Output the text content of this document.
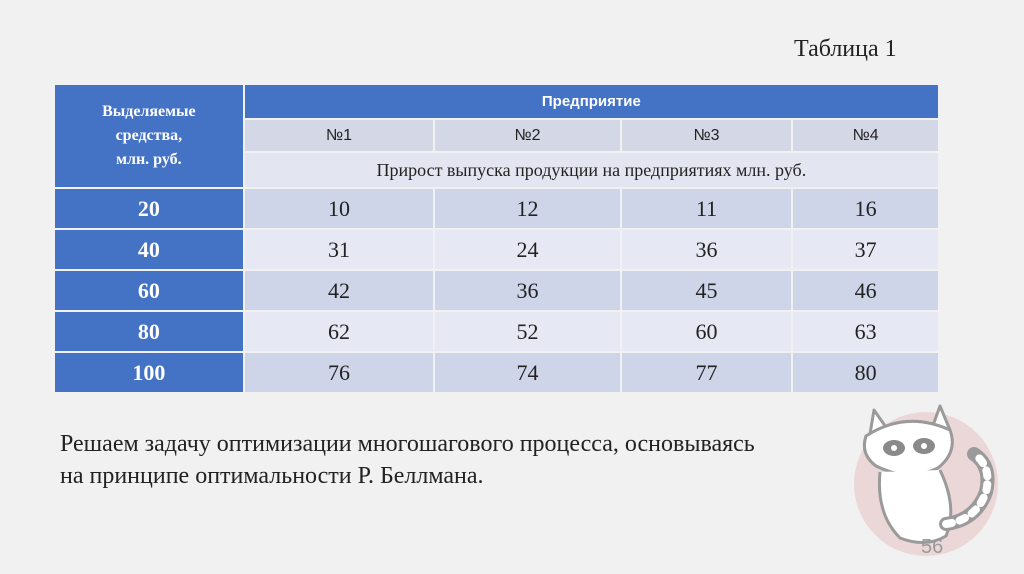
Таблица 1
Выделяемые
средства,
млн. руб.	Предприятие			
	№1	№2	№3	№4
	Прирост выпуска продукции на предприятиях млн. руб.			
20	10	12	11	16
40	31	24	36	37
60	42	36	45	46
80	62	52	60	63
100	76	74	77	80
Решаем задачу оптимизации многошагового процесса, основываясь
на принципе оптимальности Р. Беллмана.
56
